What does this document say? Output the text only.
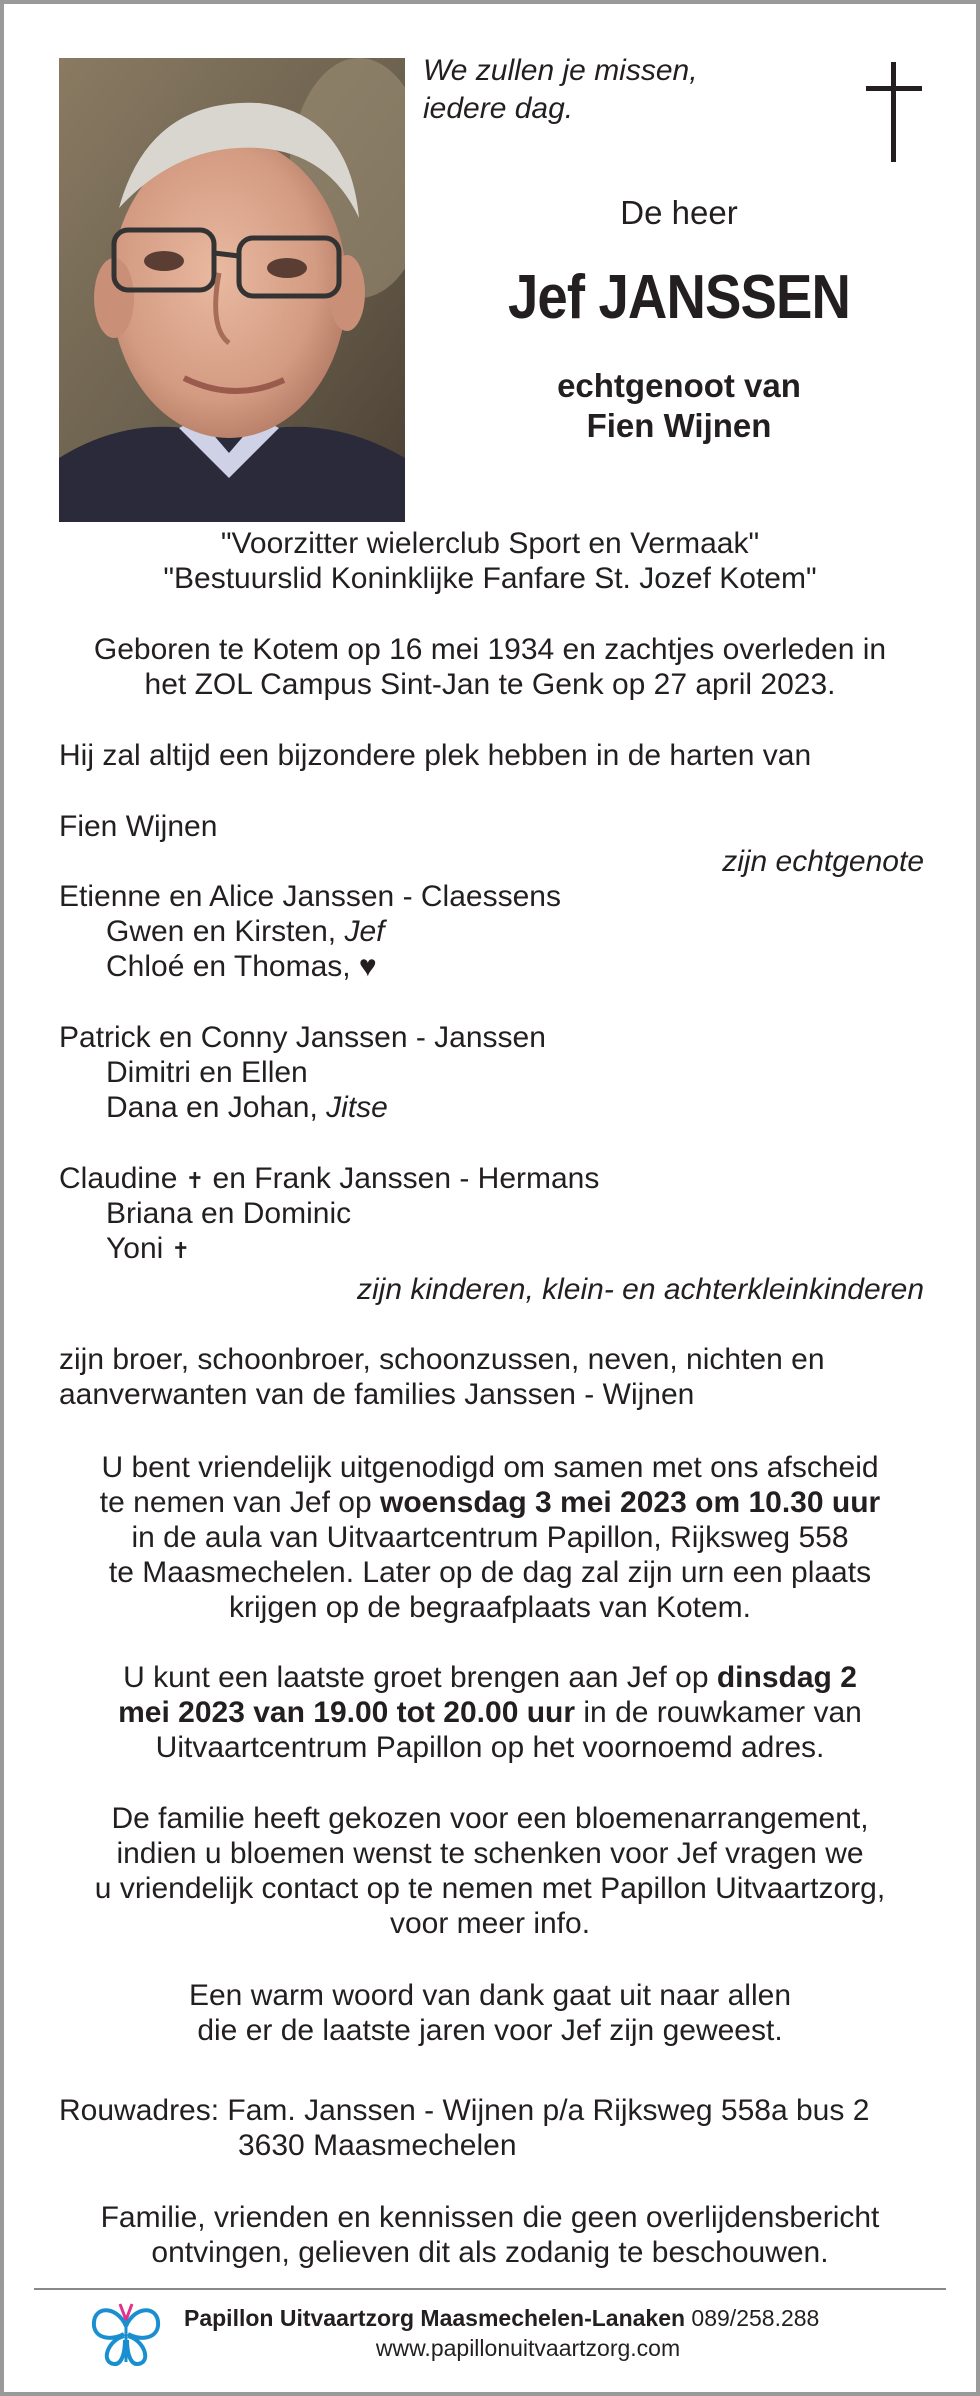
We zullen je missen,
iedere dag.
De heer
Jef JANSSEN
echtgenoot van
Fien Wijnen
"Voorzitter wielerclub Sport en Vermaak"
"Bestuurslid Koninklijke Fanfare St. Jozef Kotem"
Geboren te Kotem op 16 mei 1934 en zachtjes overleden in
het ZOL Campus Sint-Jan te Genk op 27 april 2023.
Hij zal altijd een bijzondere plek hebben in de harten van
Fien Wijnen
zijn echtgenote
Etienne en Alice Janssen - Claessens
Gwen en Kirsten, Jef
Chloé en Thomas, ♥
Patrick en Conny Janssen - Janssen
Dimitri en Ellen
Dana en Johan, Jitse
Claudine ✝ en Frank Janssen - Hermans
Briana en Dominic
Yoni ✝
zijn kinderen, klein- en achterkleinkinderen
zijn broer, schoonbroer, schoonzussen, neven, nichten en
aanverwanten van de families Janssen - Wijnen
U bent vriendelijk uitgenodigd om samen met ons afscheid
te nemen van Jef op woensdag 3 mei 2023 om 10.30 uur
in de aula van Uitvaartcentrum Papillon, Rijksweg 558
te Maasmechelen. Later op de dag zal zijn urn een plaats
krijgen op de begraafplaats van Kotem.
U kunt een laatste groet brengen aan Jef op dinsdag 2
mei 2023 van 19.00 tot 20.00 uur in de rouwkamer van
Uitvaartcentrum Papillon op het voornoemd adres.
De familie heeft gekozen voor een bloemenarrangement,
indien u bloemen wenst te schenken voor Jef vragen we
u vriendelijk contact op te nemen met Papillon Uitvaartzorg,
voor meer info.
Een warm woord van dank gaat uit naar allen
die er de laatste jaren voor Jef zijn geweest.
Rouwadres: Fam. Janssen - Wijnen p/a Rijksweg 558a bus 2
3630 Maasmechelen
Familie, vrienden en kennissen die geen overlijdensbericht
ontvingen, gelieven dit als zodanig te beschouwen.
Papillon Uitvaartzorg Maasmechelen-Lanaken 089/258.288
www.papillonuitvaartzorg.com
